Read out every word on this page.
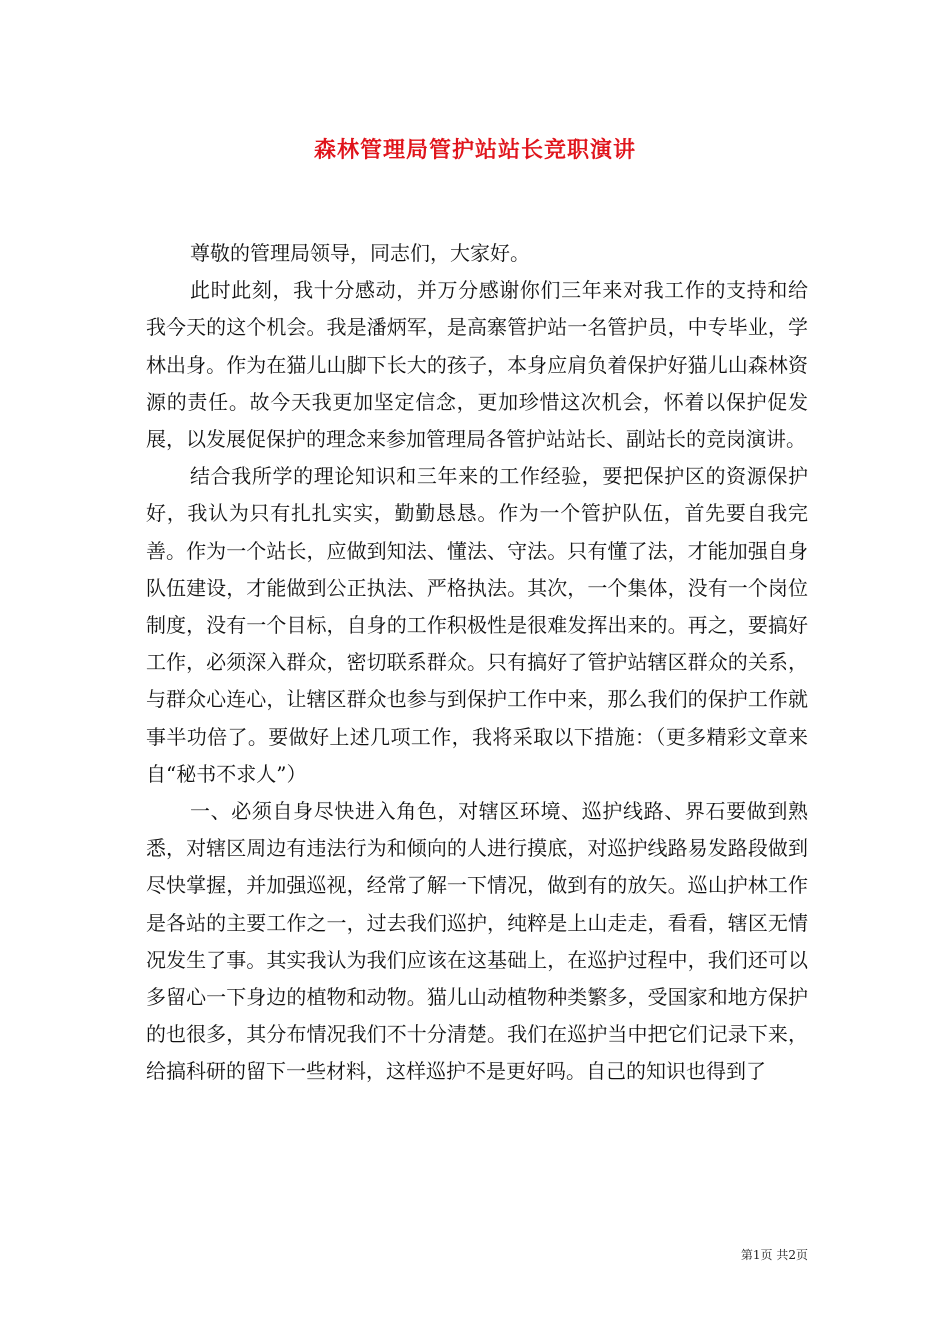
森林管理局管护站站长竞职演讲

尊敬的管理局领导，同志们，大家好。

此时此刻，我十分感动，并万分感谢你们三年来对我工作的支持和给我今天的这个机会。我是潘炳军，是高寨管护站一名管护员，中专毕业，学林出身。作为在猫儿山脚下长大的孩子，本身应肩负着保护好猫儿山森林资源的责任。故今天我更加坚定信念，更加珍惜这次机会，怀着以保护促发展，以发展促保护的理念来参加管理局各管护站站长、副站长的竞岗演讲。

结合我所学的理论知识和三年来的工作经验，要把保护区的资源保护好，我认为只有扎扎实实，勤勤恳恳。作为一个管护队伍，首先要自我完善。作为一个站长，应做到知法、懂法、守法。只有懂了法，才能加强自身队伍建设，才能做到公正执法、严格执法。其次，一个集体，没有一个岗位制度，没有一个目标，自身的工作积极性是很难发挥出来的。再之，要搞好工作，必须深入群众，密切联系群众。只有搞好了管护站辖区群众的关系，与群众心连心，让辖区群众也参与到保护工作中来，那么我们的保护工作就事半功倍了。要做好上述几项工作，我将采取以下措施：（更多精彩文章来自“秘书不求人”）

一、必须自身尽快进入角色，对辖区环境、巡护线路、界石要做到熟悉，对辖区周边有违法行为和倾向的人进行摸底，对巡护线路易发路段做到尽快掌握，并加强巡视，经常了解一下情况，做到有的放矢。巡山护林工作是各站的主要工作之一，过去我们巡护，纯粹是上山走走，看看，辖区无情况发生了事。其实我认为我们应该在这基础上，在巡护过程中，我们还可以多留心一下身边的植物和动物。猫儿山动植物种类繁多，受国家和地方保护的也很多，其分布情况我们不十分清楚。我们在巡护当中把它们记录下来，给搞科研的留下一些材料，这样巡护不是更好吗。自己的知识也得到了

第1页 共2页
